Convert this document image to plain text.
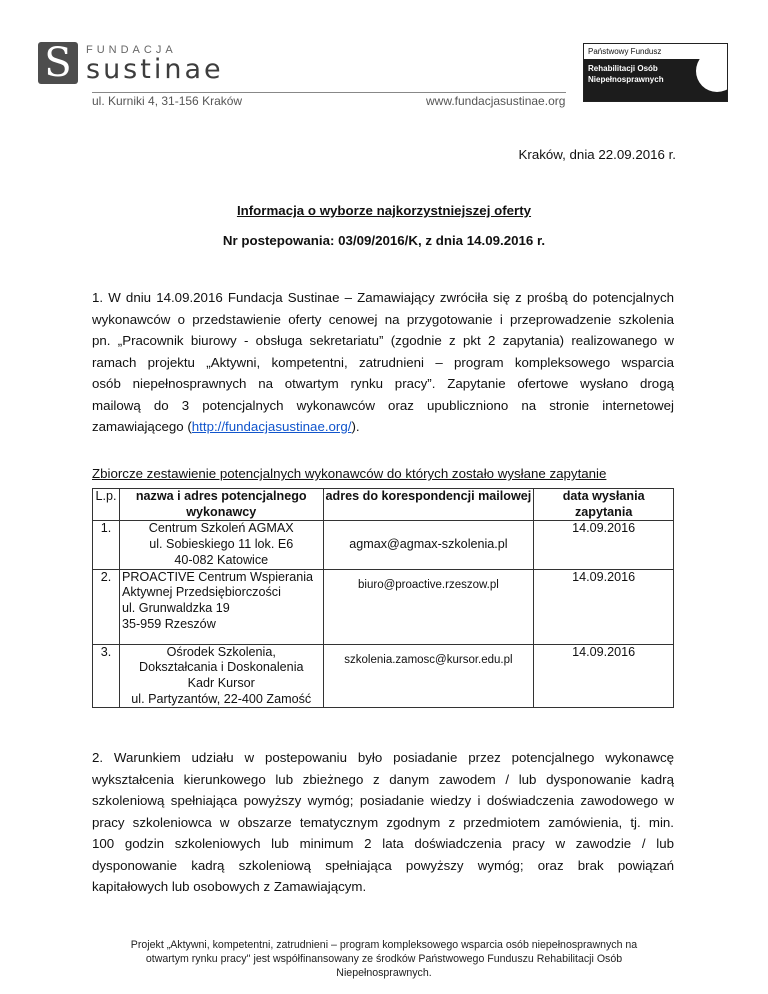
S	FUNDACJA
sustinae
ul. Kurniki 4, 31-156 Kraków	www.fundacjasustinae.org
Państwowy Fundusz
Rehabilitacji Osób
Niepełnosprawnych
Kraków, dnia 22.09.2016 r.
Informacja o wyborze najkorzystniejszej oferty
Nr postepowania: 03/09/2016/K, z dnia 14.09.2016 r.
1. W dniu 14.09.2016 Fundacja Sustinae – Zamawiający zwróciła się z prośbą do potencjalnych
wykonawców o przedstawienie oferty cenowej na przygotowanie i przeprowadzenie szkolenia
pn. „Pracownik biurowy - obsługa sekretariatu” (zgodnie z pkt 2 zapytania) realizowanego w
ramach projektu „Aktywni, kompetentni, zatrudnieni – program kompleksowego wsparcia
osób niepełnosprawnych na otwartym rynku pracy”. Zapytanie ofertowe wysłano drogą
mailową do 3 potencjalnych wykonawców oraz upubliczniono na stronie internetowej
zamawiającego (http://fundacjasustinae.org/).
Zbiorcze zestawienie potencjalnych wykonawców do których zostało wysłane zapytanie
L.p.	nazwa i adres potencjalnego wykonawcy	adres do korespondencji mailowej	data wysłania zapytania
1.	Centrum Szkoleń AGMAX
ul. Sobieskiego 11 lok. E6
40-082 Katowice	agmax@agmax-szkolenia.pl	14.09.2016
2.	PROACTIVE Centrum Wspierania
Aktywnej Przedsiębiorczości
ul. Grunwaldzka 19
35-959 Rzeszów	biuro@proactive.rzeszow.pl	14.09.2016
3.	Ośrodek Szkolenia,
Dokształcania i Doskonalenia
Kadr Kursor
ul. Partyzantów, 22-400 Zamość	szkolenia.zamosc@kursor.edu.pl	14.09.2016
2. Warunkiem udziału w postepowaniu było posiadanie przez potencjalnego wykonawcę
wykształcenia kierunkowego lub zbieżnego z danym zawodem / lub dysponowanie kadrą
szkoleniową spełniająca powyższy wymóg; posiadanie wiedzy i doświadczenia zawodowego w
pracy szkoleniowca w obszarze tematycznym zgodnym z przedmiotem zamówienia, tj. min.
100 godzin szkoleniowych lub minimum 2 lata doświadczenia pracy w zawodzie / lub
dysponowanie kadrą szkoleniową spełniająca powyższy wymóg; oraz brak powiązań
kapitałowych lub osobowych z Zamawiającym.
Projekt „Aktywni, kompetentni, zatrudnieni – program kompleksowego wsparcia osób niepełnosprawnych na
otwartym rynku pracy'' jest współfinansowany ze środków Państwowego Funduszu Rehabilitacji Osób
Niepełnosprawnych.
